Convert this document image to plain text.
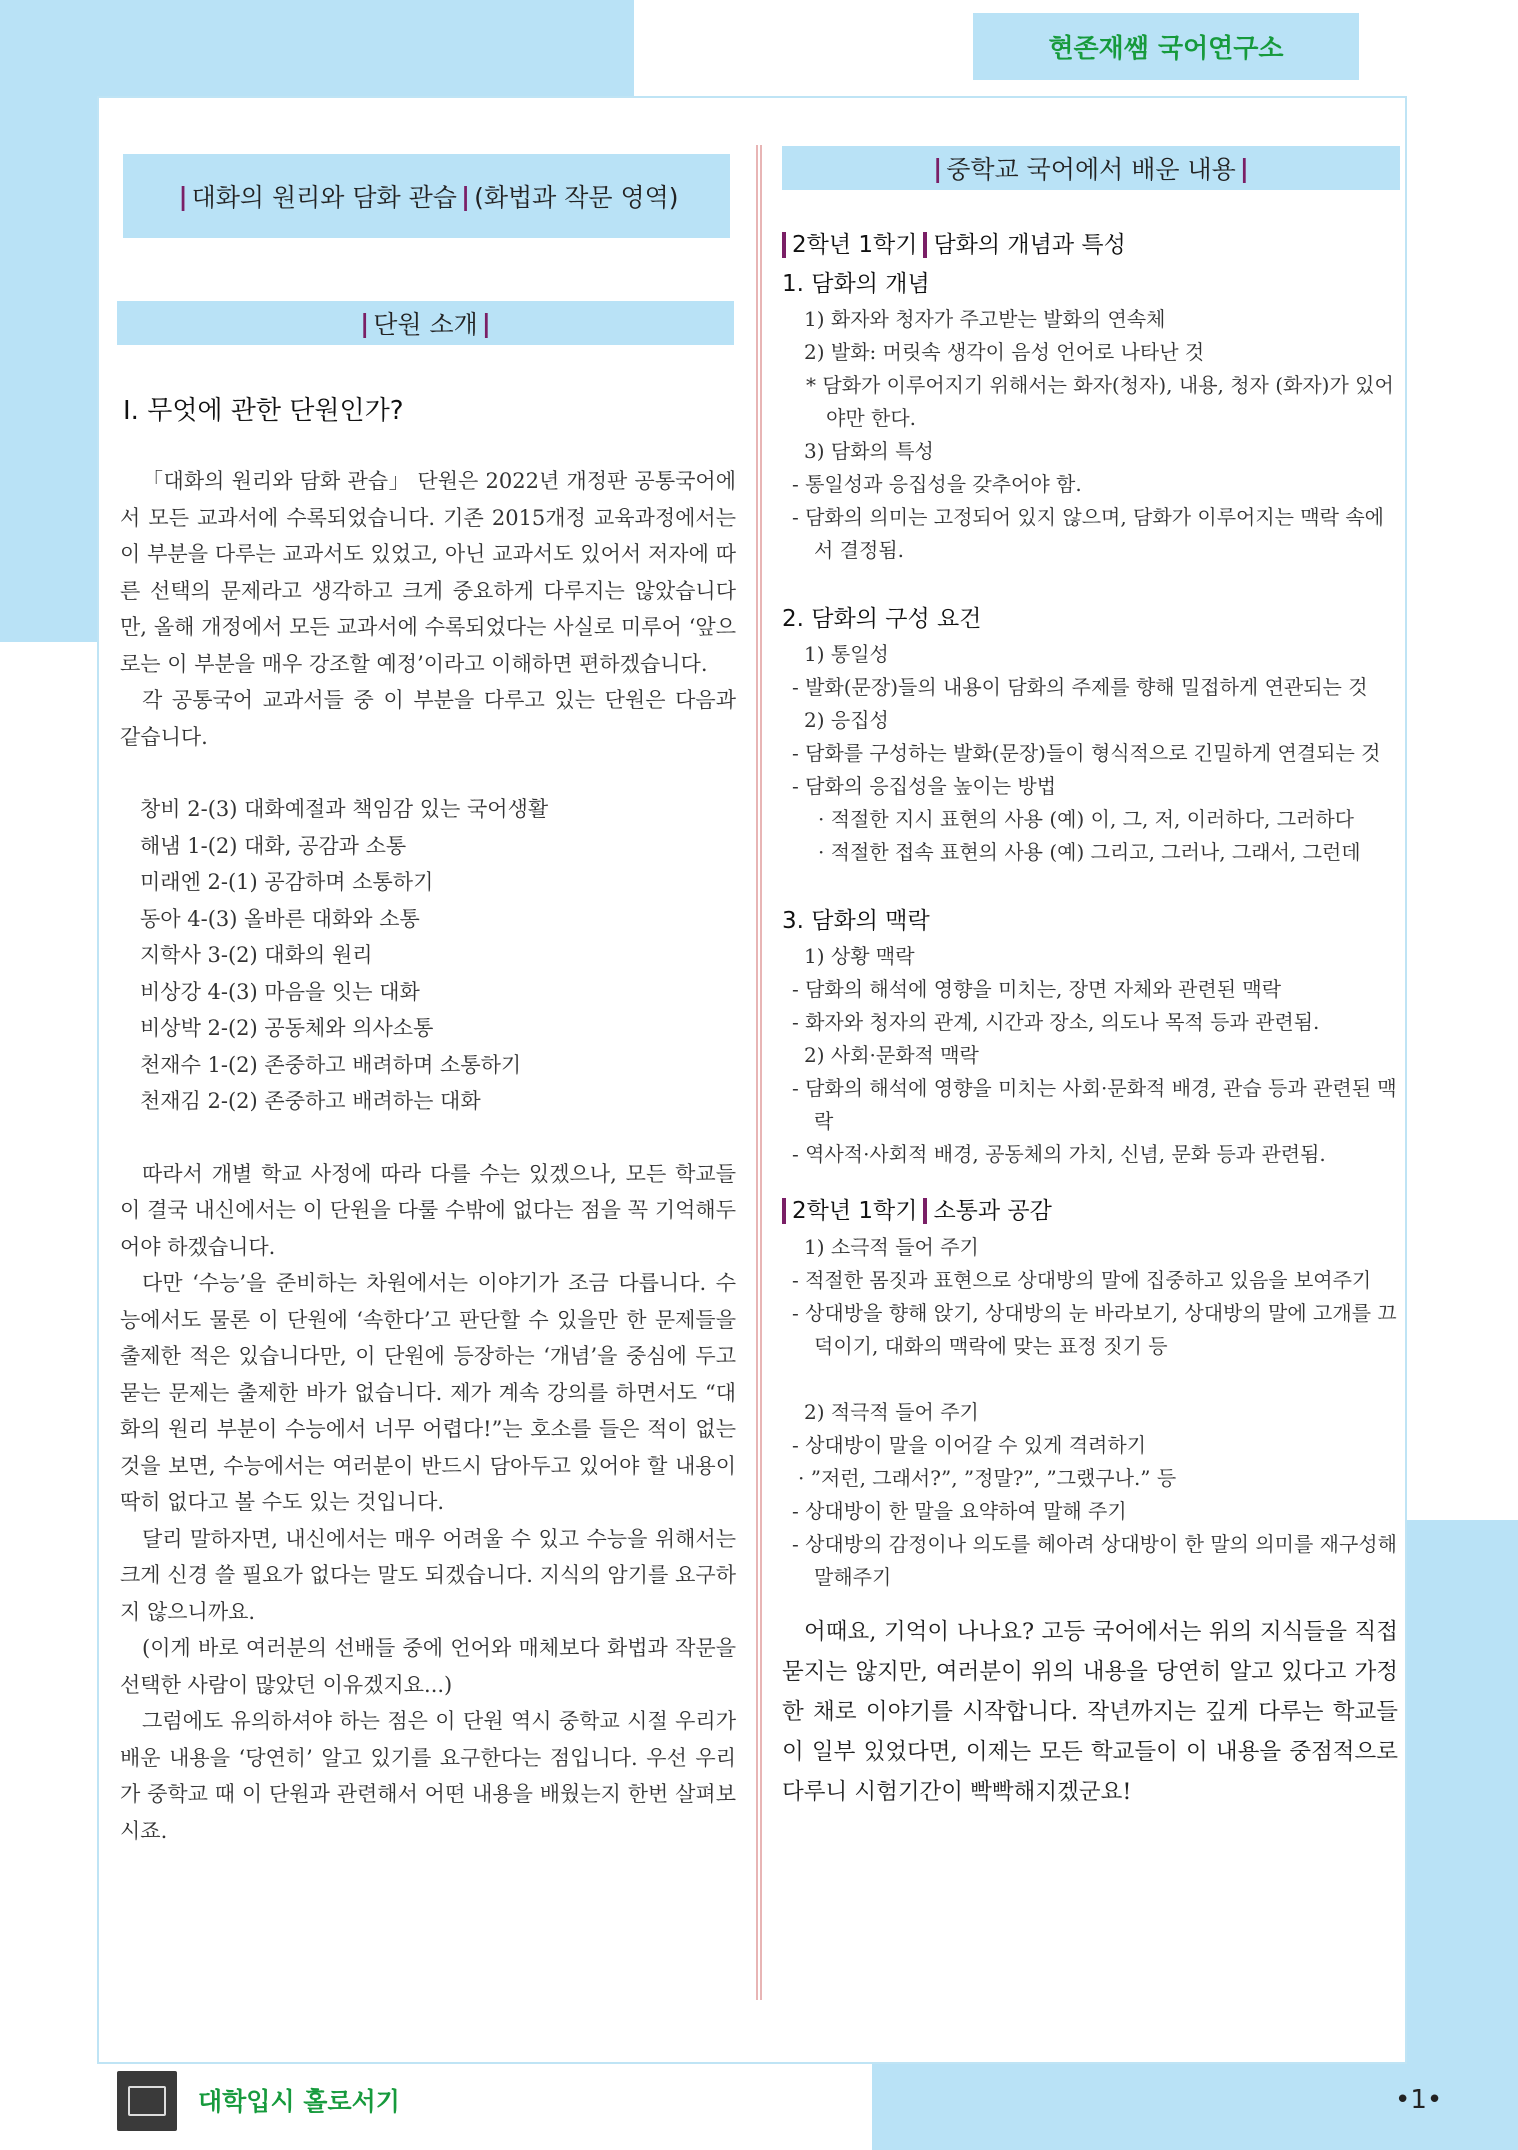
현존재쌤 국어연구소
| 대화의 원리와 담화 관습 | (화법과 작문 영역)
| 단원 소개 |
Ⅰ. 무엇에 관한 단원인가?

「대화의 원리와 담화 관습」 단원은 2022년 개정판 공통국어에서 모든 교과서에 수록되었습니다. 기존 2015개정 교육과정에서는 이 부분을 다루는 교과서도 있었고, 아닌 교과서도 있어서 저자에 따른 선택의 문제라고 생각하고 크게 중요하게 다루지는 않았습니다만, 올해 개정에서 모든 교과서에 수록되었다는 사실로 미루어 ‘앞으로는 이 부분을 매우 강조할 예정’이라고 이해하면 편하겠습니다.

각 공통국어 교과서들 중 이 부분을 다루고 있는 단원은 다음과 같습니다.

창비 2-(3) 대화예절과 책임감 있는 국어생활
해냄 1-(2) 대화, 공감과 소통
미래엔 2-(1) 공감하며 소통하기
동아 4-(3) 올바른 대화와 소통
지학사 3-(2) 대화의 원리
비상강 4-(3) 마음을 잇는 대화
비상박 2-(2) 공동체와 의사소통
천재수 1-(2) 존중하고 배려하며 소통하기
천재김 2-(2) 존중하고 배려하는 대화

따라서 개별 학교 사정에 따라 다를 수는 있겠으나, 모든 학교들이 결국 내신에서는 이 단원을 다룰 수밖에 없다는 점을 꼭 기억해두어야 하겠습니다.

다만 ‘수능’을 준비하는 차원에서는 이야기가 조금 다릅니다. 수능에서도 물론 이 단원에 ‘속한다’고 판단할 수 있을만 한 문제들을 출제한 적은 있습니다만, 이 단원에 등장하는 ‘개념’을 중심에 두고 묻는 문제는 출제한 바가 없습니다. 제가 계속 강의를 하면서도 “대화의 원리 부분이 수능에서 너무 어렵다!”는 호소를 들은 적이 없는 것을 보면, 수능에서는 여러분이 반드시 담아두고 있어야 할 내용이 딱히 없다고 볼 수도 있는 것입니다.

달리 말하자면, 내신에서는 매우 어려울 수 있고 수능을 위해서는 크게 신경 쓸 필요가 없다는 말도 되겠습니다. 지식의 암기를 요구하지 않으니까요.

(이게 바로 여러분의 선배들 중에 언어와 매체보다 화법과 작문을 선택한 사람이 많았던 이유겠지요...)

그럼에도 유의하셔야 하는 점은 이 단원 역시 중학교 시절 우리가 배운 내용을 ‘당연히’ 알고 있기를 요구한다는 점입니다. 우선 우리가 중학교 때 이 단원과 관련해서 어떤 내용을 배웠는지 한번 살펴보시죠.

| 중학교 국어에서 배운 내용 |

2학년 1학기 담화의 개념과 특성

1. 담화의 개념

1) 화자와 청자가 주고받는 발화의 연속체

2) 발화: 머릿속 생각이 음성 언어로 나타난 것

* 담화가 이루어지기 위해서는 화자(청자), 내용, 청자 (화자)가 있어야만 한다.

3) 담화의 특성

- 통일성과 응집성을 갖추어야 함.

- 담화의 의미는 고정되어 있지 않으며, 담화가 이루어지는 맥락 속에서 결정됨.

2. 담화의 구성 요건

1) 통일성

- 발화(문장)들의 내용이 담화의 주제를 향해 밀접하게 연관되는 것

2) 응집성

- 담화를 구성하는 발화(문장)들이 형식적으로 긴밀하게 연결되는 것

- 담화의 응집성을 높이는 방법

· 적절한 지시 표현의 사용 (예) 이, 그, 저, 이러하다, 그러하다

· 적절한 접속 표현의 사용 (예) 그리고, 그러나, 그래서, 그런데

3. 담화의 맥락

1) 상황 맥락

- 담화의 해석에 영향을 미치는, 장면 자체와 관련된 맥락

- 화자와 청자의 관계, 시간과 장소, 의도나 목적 등과 관련됨.

2) 사회·문화적 맥락

- 담화의 해석에 영향을 미치는 사회·문화적 배경, 관습 등과 관련된 맥락

- 역사적·사회적 배경, 공동체의 가치, 신념, 문화 등과 관련됨.

2학년 1학기 소통과 공감

1) 소극적 들어 주기

- 적절한 몸짓과 표현으로 상대방의 말에 집중하고 있음을 보여주기

- 상대방을 향해 앉기, 상대방의 눈 바라보기, 상대방의 말에 고개를 끄덕이기, 대화의 맥락에 맞는 표정 짓기 등

2) 적극적 들어 주기

- 상대방이 말을 이어갈 수 있게 격려하기

· ”저런, 그래서?”, ”정말?”, ”그랬구나.” 등

- 상대방이 한 말을 요약하여 말해 주기

- 상대방의 감정이나 의도를 헤아려 상대방이 한 말의 의미를 재구성해 말해주기

어때요, 기억이 나나요? 고등 국어에서는 위의 지식들을 직접 묻지는 않지만, 여러분이 위의 내용을 당연히 알고 있다고 가정한 채로 이야기를 시작합니다. 작년까지는 깊게 다루는 학교들이 일부 있었다면, 이제는 모든 학교들이 이 내용을 중점적으로 다루니 시험기간이 빡빡해지겠군요!

대학입시 홀로서기	•1•
